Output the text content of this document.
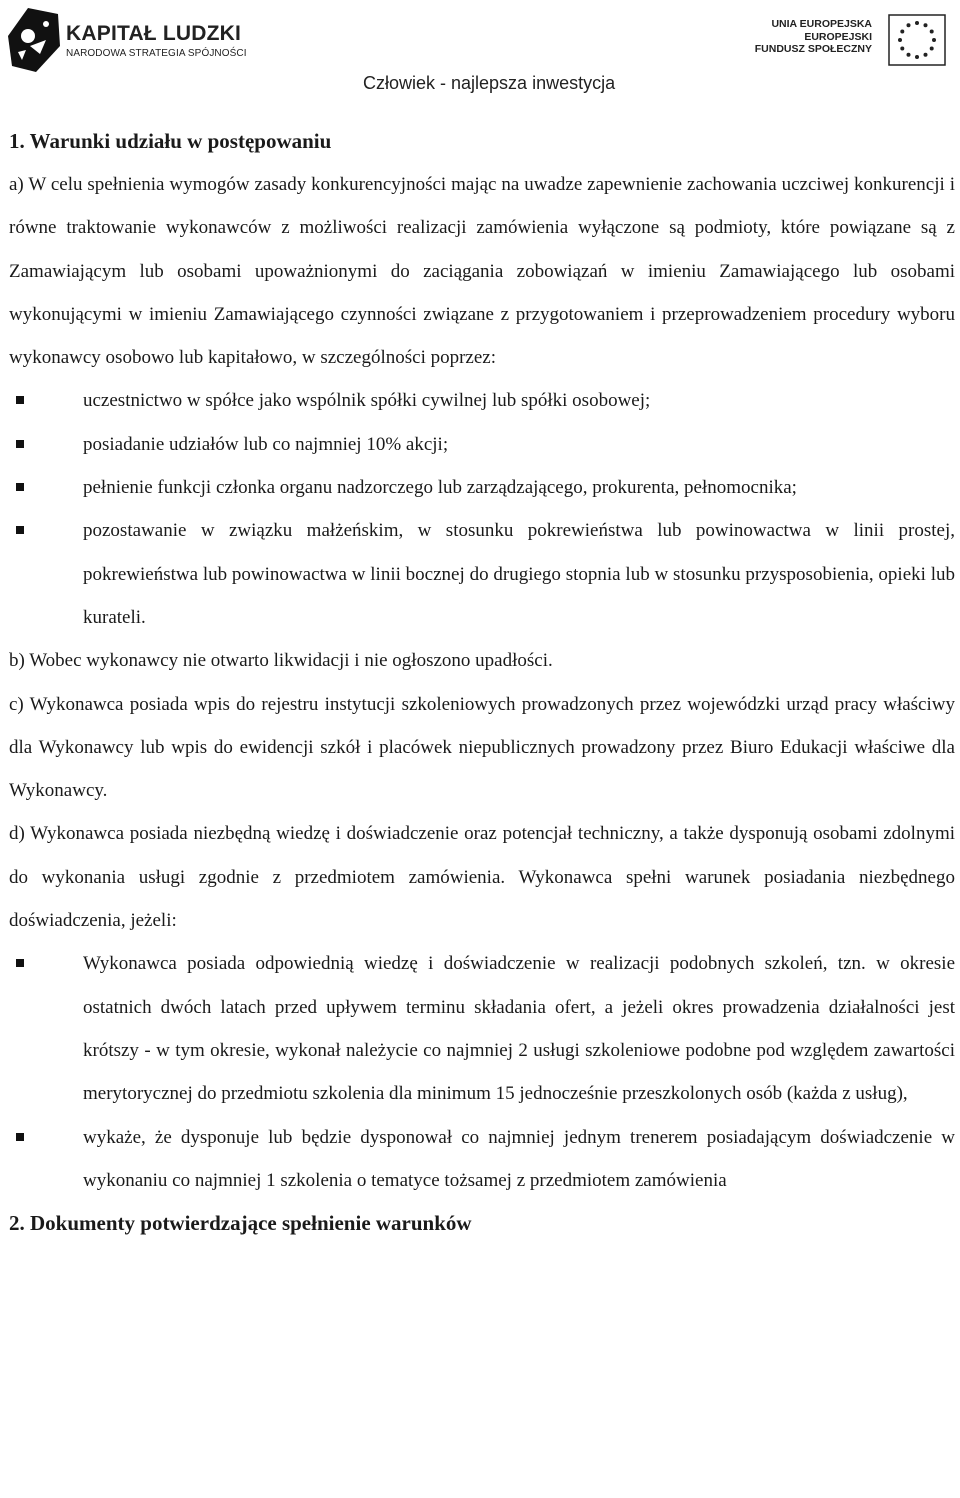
KAPITAŁ LUDZKI
NARODOWA STRATEGIA SPÓJNOŚCI
UNIA EUROPEJSKA
EUROPEJSKI
FUNDUSZ SPOŁECZNY
Człowiek - najlepsza inwestycja

1. Warunki udziału w postępowaniu

a) W celu spełnienia wymogów zasady konkurencyjności mając na uwadze zapewnienie zachowania uczciwej konkurencji i równe traktowanie wykonawców z możliwości realizacji zamówienia wyłączone są podmioty, które powiązane są z Zamawiającym lub osobami upoważnionymi do zaciągania zobowiązań w imieniu Zamawiającego lub osobami wykonującymi w imieniu Zamawiającego czynności związane z przygotowaniem i przeprowadzeniem procedury wyboru wykonawcy osobowo lub kapitałowo, w szczególności poprzez:

uczestnictwo w spółce jako wspólnik spółki cywilnej lub spółki osobowej;
posiadanie udziałów lub co najmniej 10% akcji;
pełnienie funkcji członka organu nadzorczego lub zarządzającego, prokurenta, pełnomocnika;
pozostawanie w związku małżeńskim, w stosunku pokrewieństwa lub powinowactwa w linii prostej, pokrewieństwa lub powinowactwa w linii bocznej do drugiego stopnia lub w stosunku przysposobienia, opieki lub kurateli.

b) Wobec wykonawcy nie otwarto likwidacji i nie ogłoszono upadłości.

c) Wykonawca posiada wpis do rejestru instytucji szkoleniowych prowadzonych przez wojewódzki urząd pracy właściwy dla Wykonawcy lub wpis do ewidencji szkół i placówek niepublicznych prowadzony przez Biuro Edukacji właściwe dla Wykonawcy.

d) Wykonawca posiada niezbędną wiedzę i doświadczenie oraz potencjał techniczny, a także dysponują osobami zdolnymi do wykonania usługi zgodnie z przedmiotem zamówienia. Wykonawca spełni warunek posiadania niezbędnego doświadczenia, jeżeli:

Wykonawca posiada odpowiednią wiedzę i doświadczenie w realizacji podobnych szkoleń, tzn. w okresie ostatnich dwóch latach przed upływem terminu składania ofert, a jeżeli okres prowadzenia działalności jest krótszy - w tym okresie, wykonał należycie co najmniej 2 usługi szkoleniowe podobne pod względem zawartości merytorycznej do przedmiotu szkolenia dla minimum 15 jednocześnie przeszkolonych osób (każda z usług),
wykaże, że dysponuje lub będzie dysponował co najmniej jednym trenerem posiadającym doświadczenie w wykonaniu co najmniej 1 szkolenia o tematyce tożsamej z przedmiotem zamówienia

2. Dokumenty potwierdzające spełnienie warunków
